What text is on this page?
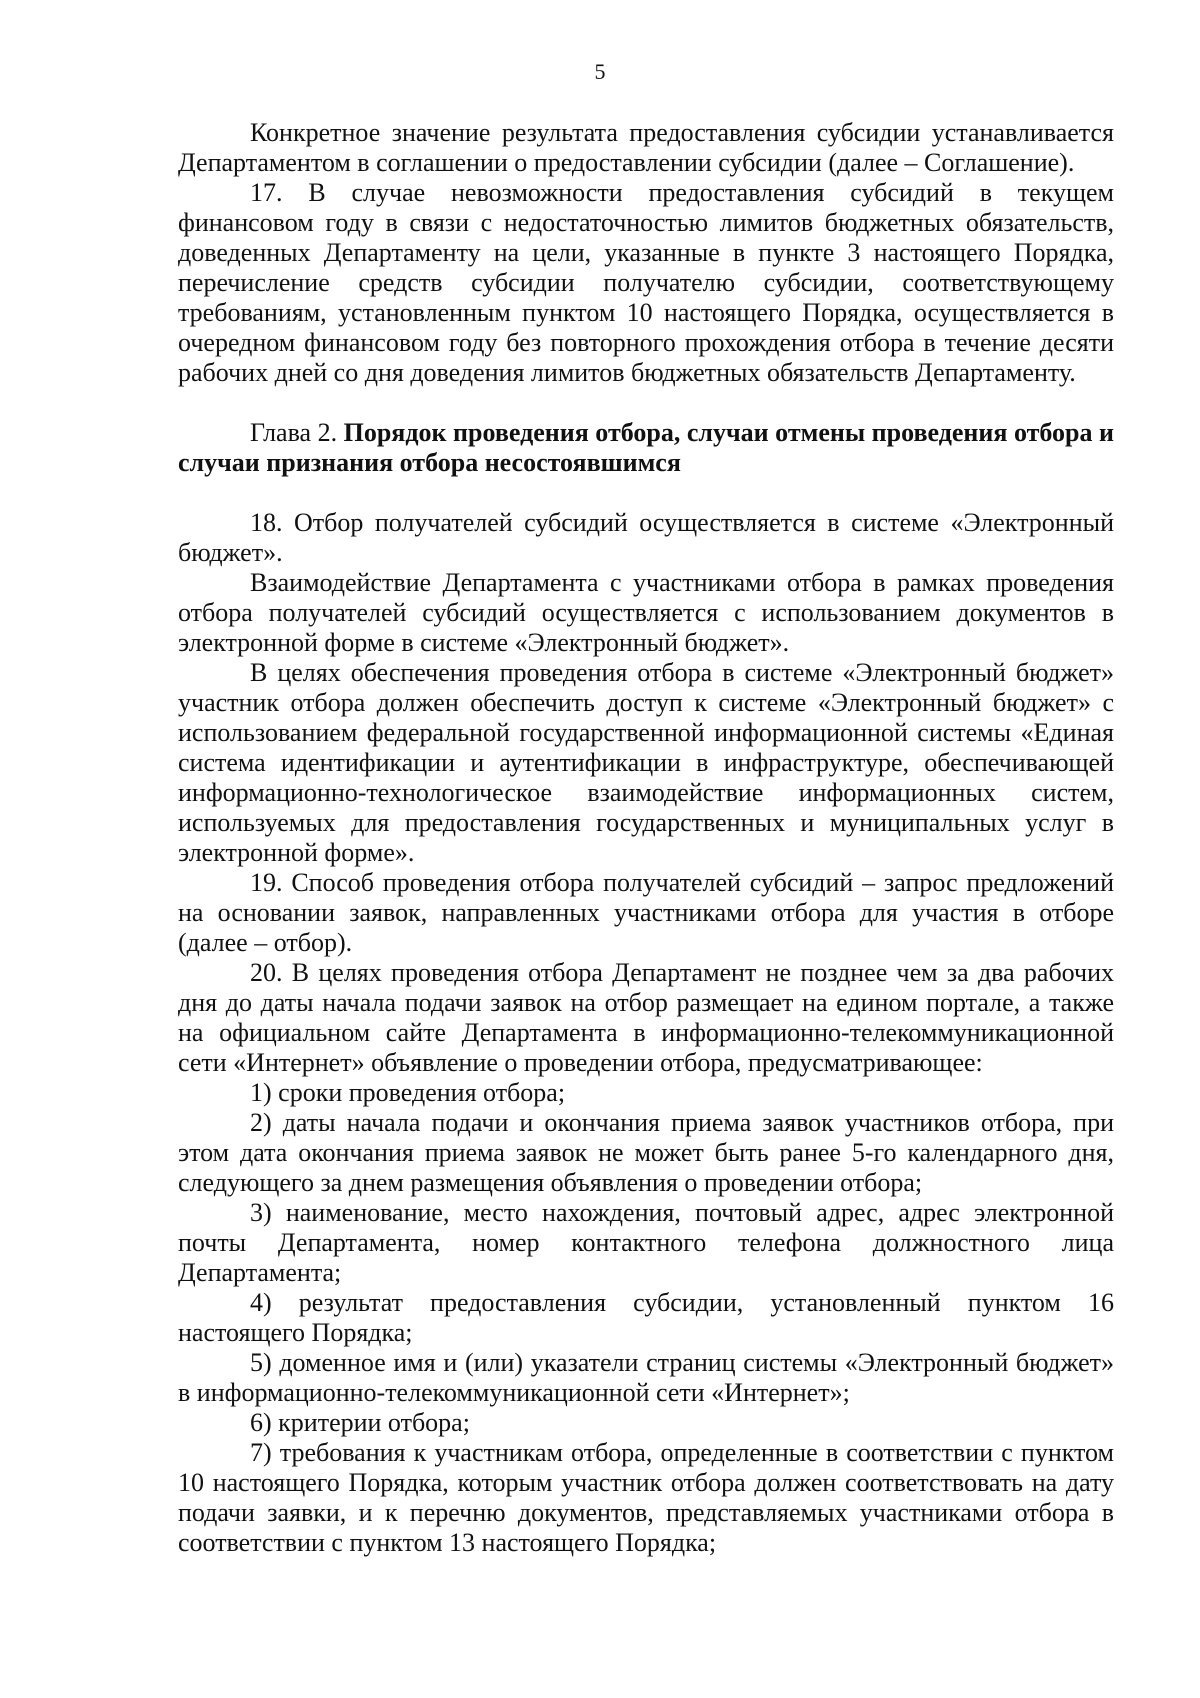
5

Конкретное значение результата предоставления субсидии устанавливается Департаментом в соглашении о предоставлении субсидии (далее – Соглашение).

17. В случае невозможности предоставления субсидий в текущем финансовом году в связи с недостаточностью лимитов бюджетных обязательств, доведенных Департаменту на цели, указанные в пункте 3 настоящего Порядка, перечисление средств субсидии получателю субсидии, соответствующему требованиям, установленным пунктом 10 настоящего Порядка, осуществляется в очередном финансовом году без повторного прохождения отбора в течение десяти рабочих дней со дня доведения лимитов бюджетных обязательств Департаменту.

Глава 2. Порядок проведения отбора, случаи отмены проведения отбора и случаи признания отбора несостоявшимся

18. Отбор получателей субсидий осуществляется в системе «Электронный бюджет».

Взаимодействие Департамента с участниками отбора в рамках проведения отбора получателей субсидий осуществляется с использованием документов в электронной форме в системе «Электронный бюджет».

В целях обеспечения проведения отбора в системе «Электронный бюджет» участник отбора должен обеспечить доступ к системе «Электронный бюджет» с использованием федеральной государственной информационной системы «Единая система идентификации и аутентификации в инфраструктуре, обеспечивающей информационно-технологическое взаимодействие информационных систем, используемых для предоставления государственных и муниципальных услуг в электронной форме».

19. Способ проведения отбора получателей субсидий – запрос предложений на основании заявок, направленных участниками отбора для участия в отборе (далее – отбор).

20. В целях проведения отбора Департамент не позднее чем за два рабочих дня до даты начала подачи заявок на отбор размещает на едином портале, а также на официальном сайте Департамента в информационно-телекоммуникационной сети «Интернет» объявление о проведении отбора, предусматривающее:

1) сроки проведения отбора;

2) даты начала подачи и окончания приема заявок участников отбора, при этом дата окончания приема заявок не может быть ранее 5-го календарного дня, следующего за днем размещения объявления о проведении отбора;

3) наименование, место нахождения, почтовый адрес, адрес электронной почты Департамента, номер контактного телефона должностного лица Департамента;

4) результат предоставления субсидии, установленный пунктом 16 настоящего Порядка;

5) доменное имя и (или) указатели страниц системы «Электронный бюджет» в информационно-телекоммуникационной сети «Интернет»;

6) критерии отбора;

7) требования к участникам отбора, определенные в соответствии с пунктом 10 настоящего Порядка, которым участник отбора должен соответствовать на дату подачи заявки, и к перечню документов, представляемых участниками отбора в соответствии с пунктом 13 настоящего Порядка;
